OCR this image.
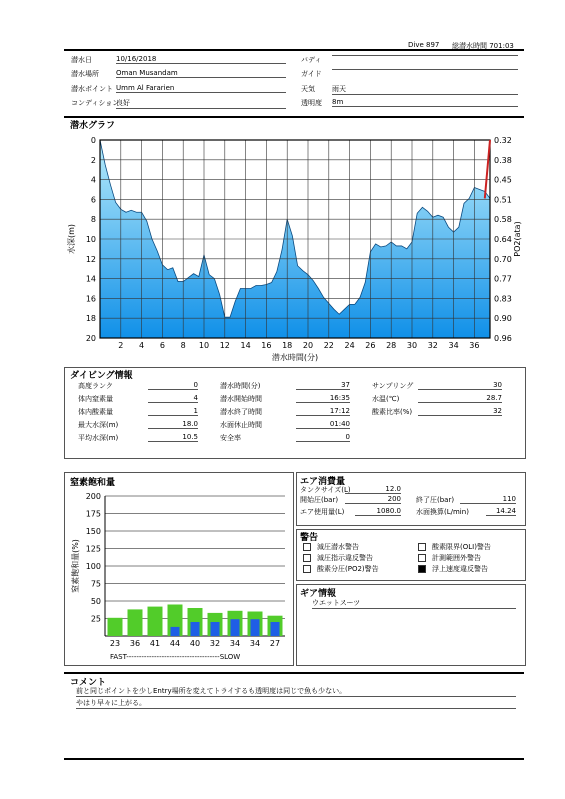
Dive 897 総潜水時間 701:03
潜水日	10/16/2018
潜水場所 Oman Musandam
潜水ポイント Umm Al Fararien
コンディション
良好
バディ
ガイド
天気 雨天
透明度 8m
潜水グラフ
2 4 6 8 10 12 14 16 18 20 22 24 26 28 30 32 34 36
0
2
4
6
8
10
12
14
16
18
20
0.32
0.38
0.45
0.51
0.58
0.64
0.70
0.77
0.83
0.90
0.96
潜水時間(分)
水深(m)	PO2(ata)
ダイビング情報
高度ランク	0
体内窒素量	4
体内酸素量	1
最大水深(m)	18.0
平均水深(m)	10.5
潜水時間(分)	37
潜水開始時間	16:35
潜水終了時間	17:12
水面休止時間	01:40
安全率	0
サンプリング	30
水温(℃)	28.7
酸素比率(%)	32
窒素飽和量
25
50
75
100
125
150
175
200
23 36 41 44 40 32 34 34 27
FAST-------------------------------------SLOW
窒素飽和量(%)
エア消費量
タンクサイズ(L)	12.0
開始圧(bar)	200 終了圧(bar)	110
エア使用量(L)	1080.0 水面換算(L/min)	14.24
警告
減圧潜水警告	酸素限界(OLI)警告
減圧指示違反警告	計測範囲外警告
酸素分圧(PO2)警告	浮上速度違反警告
ギア情報
ウエットスーツ
コメント
前と同じポイントを少しEntry場所を変えてトライするも透明度は同じで魚も少ない。
やはり早々に上がる。
